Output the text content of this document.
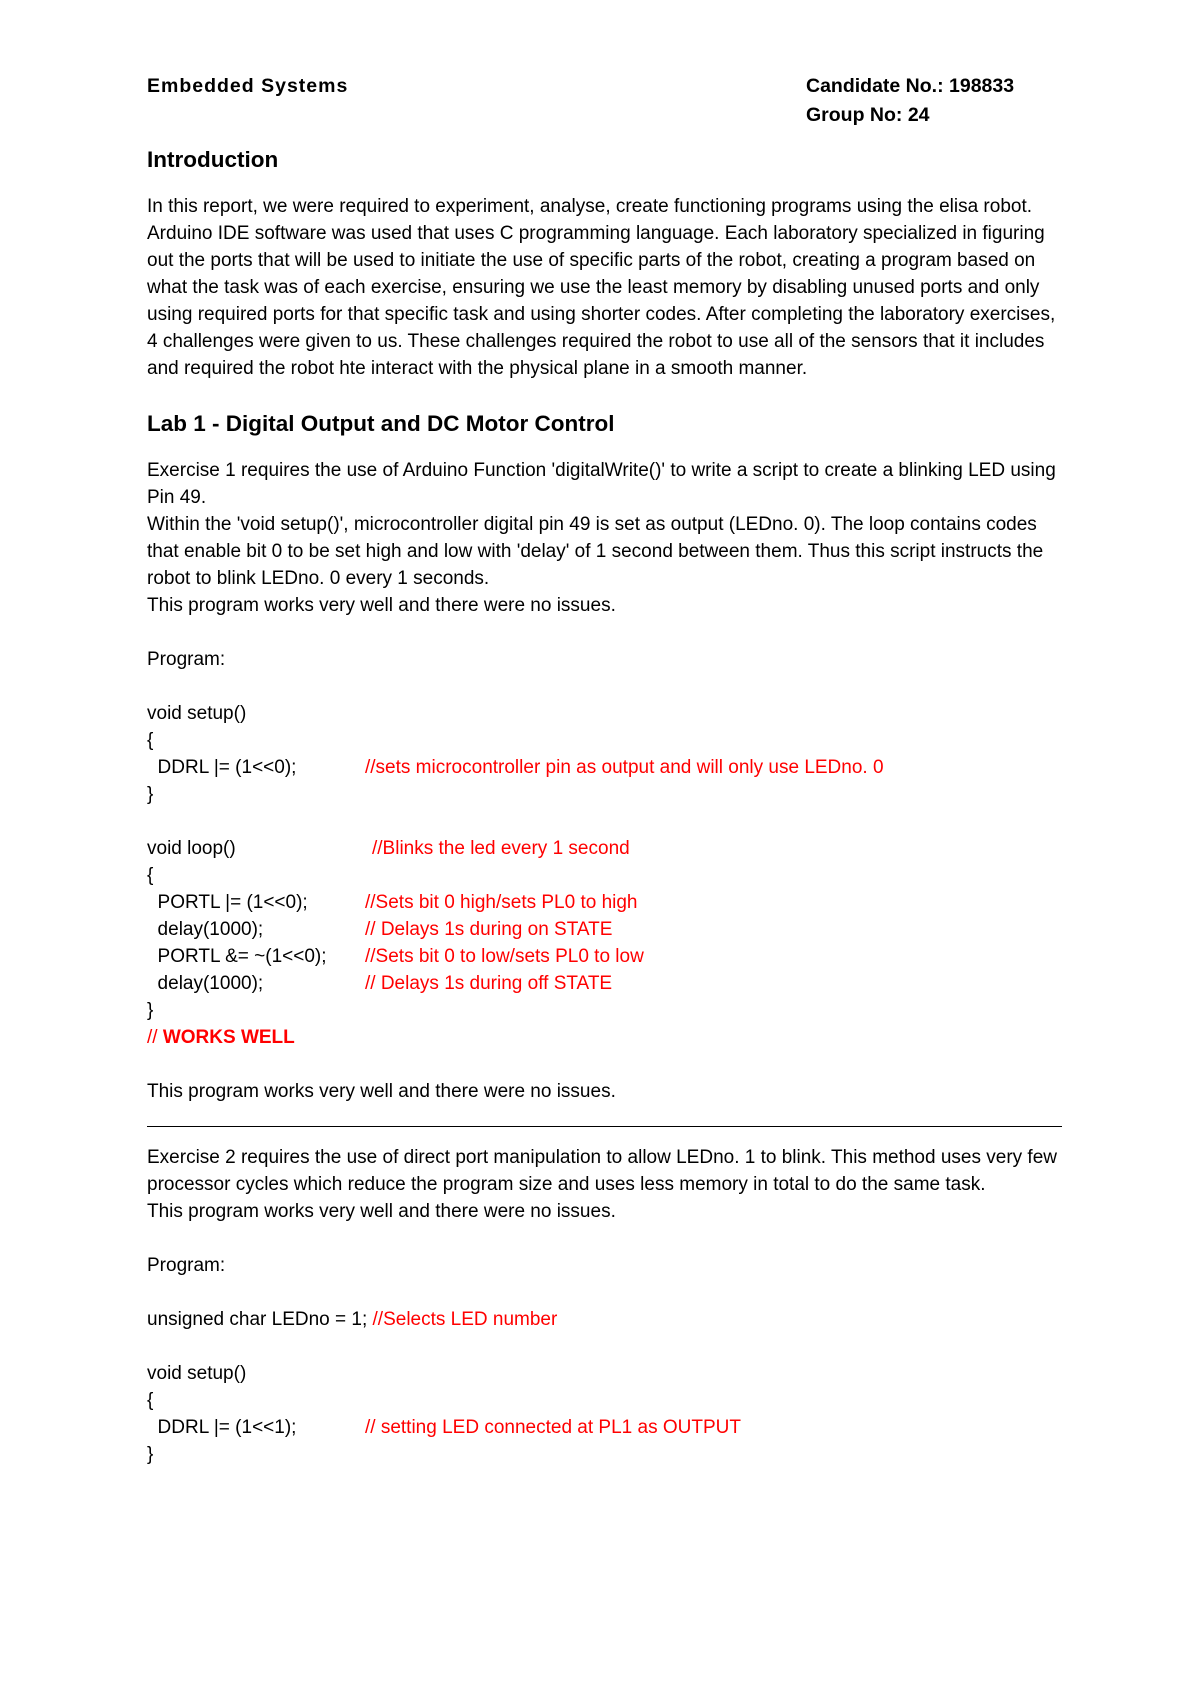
Embedded Systems	Candidate No.: 198833
Group No: 24
Introduction

In this report, we were required to experiment, analyse, create functioning programs using the elisa robot. Arduino IDE software was used that uses C programming language. Each laboratory specialized in figuring out the ports that will be used to initiate the use of specific parts of the robot, creating a program based on what the task was of each exercise, ensuring we use the least memory by disabling unused ports and only using required ports for that specific task and using shorter codes. After completing the laboratory exercises, 4 challenges were given to us. These challenges required the robot to use all of the sensors that it includes and required the robot hte interact with the physical plane in a smooth manner.

Lab 1 - Digital Output and DC Motor Control

Exercise 1 requires the use of Arduino Function 'digitalWrite()' to write a script to create a blinking LED using Pin 49.

Within the 'void setup()', microcontroller digital pin 49 is set as output (LEDno. 0). The loop contains codes that enable bit 0 to be set high and low with 'delay' of 1 second between them. Thus this script instructs the robot to blink LEDno. 0 every 1 seconds.

This program works very well and there were no issues.

Program:

void setup()
{
DDRL |= (1<<0);	//sets microcontroller pin as output and will only use LEDno. 0
}
void loop()	//Blinks the led every 1 second
{
PORTL |= (1<<0);	//Sets bit 0 high/sets PL0 to high
delay(1000);	// Delays 1s during on STATE
PORTL &= ~(1<<0); //Sets bit 0 to low/sets PL0 to low
delay(1000);	// Delays 1s during off STATE
}
// WORKS WELL

This program works very well and there were no issues.

Exercise 2 requires the use of direct port manipulation to allow LEDno. 1 to blink. This method uses very few processor cycles which reduce the program size and uses less memory in total to do the same task.

This program works very well and there were no issues.

Program:

unsigned char LEDno = 1; //Selects LED number
void setup()
{
DDRL |= (1<<1);	// setting LED connected at PL1 as OUTPUT
}
